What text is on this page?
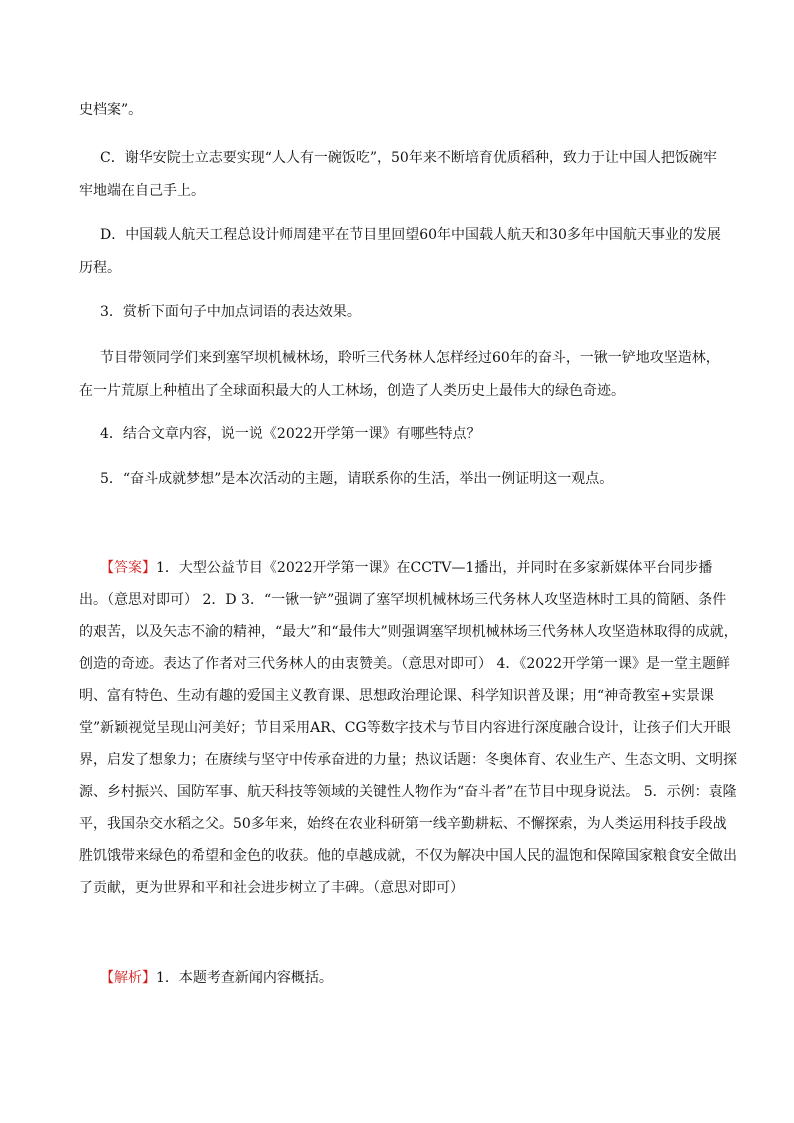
史档案”。

C．谢华安院士立志要实现“人人有一碗饭吃”，50年来不断培育优质稻种，致力于让中国人把饭碗牢牢地端在自己手上。

D．中国载人航天工程总设计师周建平在节目里回望60年中国载人航天和30多年中国航天事业的发展历程。

3．赏析下面句子中加点词语的表达效果。

节目带领同学们来到塞罕坝机械林场，聆听三代务林人怎样经过60年的奋斗，一锹一铲地攻坚造林，在一片荒原上种植出了全球面积最大的人工林场，创造了人类历史上最伟大的绿色奇迹。

4．结合文章内容，说一说《2022开学第一课》有哪些特点？

5．“奋斗成就梦想”是本次活动的主题，请联系你的生活，举出一例证明这一观点。

【答案】1．大型公益节目《2022开学第一课》在CCTV—1播出，并同时在多家新媒体平台同步播出。（意思对即可） 2．D 3．“一锹一铲”强调了塞罕坝机械林场三代务林人攻坚造林时工具的简陋、条件的艰苦，以及矢志不渝的精神，“最大”和“最伟大”则强调塞罕坝机械林场三代务林人攻坚造林取得的成就，创造的奇迹。表达了作者对三代务林人的由衷赞美。（意思对即可） 4．《2022开学第一课》是一堂主题鲜明、富有特色、生动有趣的爱国主义教育课、思想政治理论课、科学知识普及课；用“神奇教室+实景课堂”新颖视觉呈现山河美好；节目采用AR、CG等数字技术与节目内容进行深度融合设计，让孩子们大开眼界，启发了想象力；在赓续与坚守中传承奋进的力量；热议话题：冬奥体育、农业生产、生态文明、文明探源、乡村振兴、国防军事、航天科技等领域的关键性人物作为“奋斗者”在节目中现身说法。 5．示例：袁隆平，我国杂交水稻之父。50多年来，始终在农业科研第一线辛勤耕耘、不懈探索，为人类运用科技手段战胜饥饿带来绿色的希望和金色的收获。他的卓越成就，不仅为解决中国人民的温饱和保障国家粮食安全做出了贡献，更为世界和平和社会进步树立了丰碑。（意思对即可）

【解析】1．本题考查新闻内容概括。
